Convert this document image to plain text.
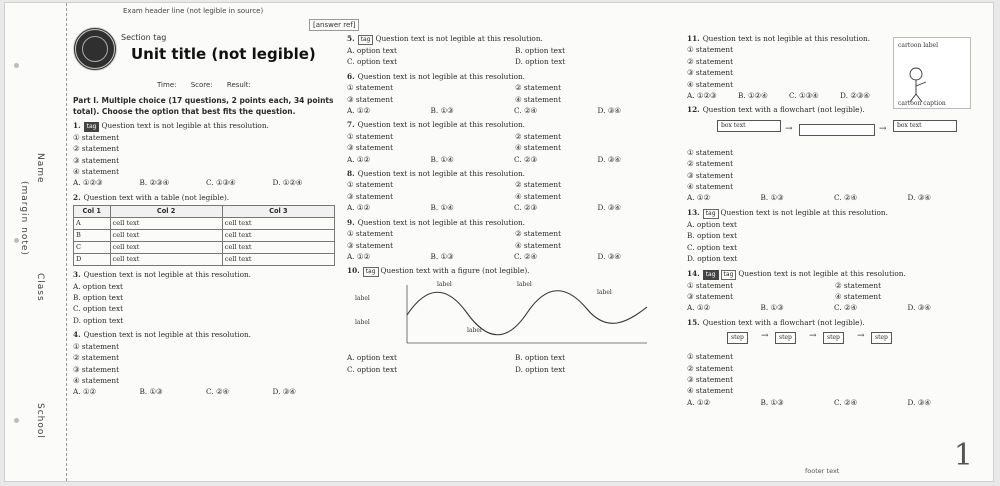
Name
(margin note)
Class
School
Exam header line (not legible in source)
[answer ref]
Section tag
Unit title (not legible)
Time: Score: Result:
Part I. Multiple choice (17 questions, 2 points each, 34 points total). Choose the option that best fits the question.
1. tag Question text is not legible at this resolution.
① statement
② statement
③ statement
④ statement
A. ①②③	B. ②③④	C. ①③④	D. ①②④
2. Question text with a table (not legible).
Col 1	Col 2	Col 3
A	cell text	cell text
B	cell text	cell text
C	cell text	cell text
D	cell text	cell text
3. Question text is not legible at this resolution.
A. option text
B. option text
C. option text
D. option text
4. Question text is not legible at this resolution.
① statement
② statement
③ statement
④ statement
A. ①②	B. ①③	C. ②④	D. ③④
5. tag Question text is not legible at this resolution.
A. option text	B. option text
C. option text	D. option text
6. Question text is not legible at this resolution.
① statement	② statement
③ statement	④ statement
A. ①②	B. ①③	C. ②④	D. ③④
7. Question text is not legible at this resolution.
① statement	② statement
③ statement	④ statement
A. ①②	B. ①④	C. ②③	D. ③④
8. Question text is not legible at this resolution.
① statement	② statement
③ statement	④ statement
A. ①②	B. ①④	C. ②③	D. ③④
9. Question text is not legible at this resolution.
① statement	② statement
③ statement	④ statement
A. ①②	B. ①③	C. ②④	D. ③④
10. tag Question text with a figure (not legible).
label
label
label	label
label
label
A. option text	B. option text
C. option text	D. option text
11. Question text is not legible at this resolution.
① statement
② statement
③ statement
④ statement
A. ①②③	B. ①②④	C. ①③④	D. ②③④
cartoon label
cartoon caption
12. Question text with a flowchart (not legible).
box text	→	→	box text
① statement
② statement
③ statement
④ statement
A. ①②	B. ①③	C. ②④	D. ③④
13. tag Question text is not legible at this resolution.
A. option text
B. option text
C. option text
D. option text
14. tag tag Question text is not legible at this resolution.
① statement	② statement
③ statement	④ statement
A. ①②	B. ①③	C. ②④	D. ③④
15. Question text with a flowchart (not legible).
step	→	step	→	step	→	step
① statement
② statement
③ statement
④ statement
A. ①②	B. ①③	C. ②④	D. ③④
footer text	1
